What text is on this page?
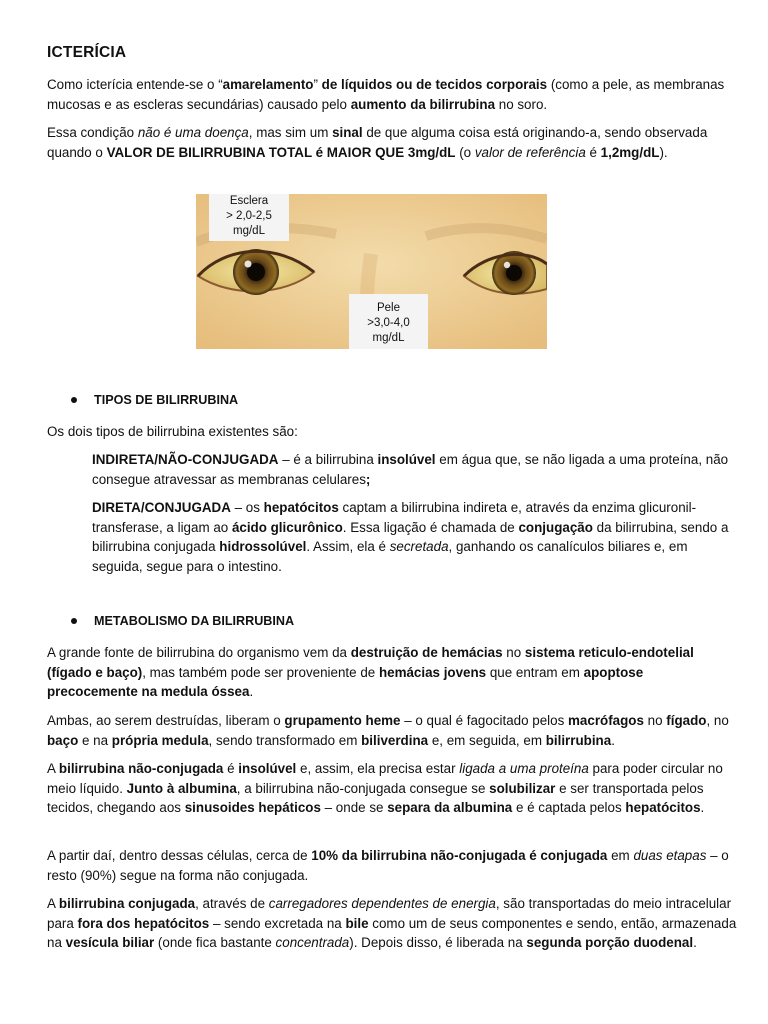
ICTERÍCIA

Como icterícia entende-se o “amarelamento” de líquidos ou de tecidos corporais (como a pele, as membranas mucosas e as escleras secundárias) causado pelo aumento da bilirrubina no soro.

Essa condição não é uma doença, mas sim um sinal de que alguma coisa está originando-a, sendo observada quando o VALOR DE BILIRRUBINA TOTAL é MAIOR QUE 3mg/dL (o valor de referência é 1,2mg/dL).

Esclera
> 2,0-2,5
mg/dL
Pele
>3,0-4,0
mg/dL
TIPOS DE BILIRRUBINA

Os dois tipos de bilirrubina existentes são:

INDIRETA/NÃO-CONJUGADA – é a bilirrubina insolúvel em água que, se não ligada a uma proteína, não consegue atravessar as membranas celulares;

DIRETA/CONJUGADA – os hepatócitos captam a bilirrubina indireta e, através da enzima glicuronil-transferase, a ligam ao ácido glicurônico. Essa ligação é chamada de conjugação da bilirrubina, sendo a bilirrubina conjugada hidrossolúvel. Assim, ela é secretada, ganhando os canalículos biliares e, em seguida, segue para o intestino.

METABOLISMO DA BILIRRUBINA

A grande fonte de bilirrubina do organismo vem da destruição de hemácias no sistema reticulo-endotelial (fígado e baço), mas também pode ser proveniente de hemácias jovens que entram em apoptose precocemente na medula óssea.

Ambas, ao serem destruídas, liberam o grupamento heme – o qual é fagocitado pelos macrófagos no fígado, no baço e na própria medula, sendo transformado em biliverdina e, em seguida, em bilirrubina.

A bilirrubina não-conjugada é insolúvel e, assim, ela precisa estar ligada a uma proteína para poder circular no meio líquido. Junto à albumina, a bilirrubina não-conjugada consegue se solubilizar e ser transportada pelos tecidos, chegando aos sinusoides hepáticos – onde se separa da albumina e é captada pelos hepatócitos.

A partir daí, dentro dessas células, cerca de 10% da bilirrubina não-conjugada é conjugada em duas etapas – o resto (90%) segue na forma não conjugada.

A bilirrubina conjugada, através de carregadores dependentes de energia, são transportadas do meio intracelular para fora dos hepatócitos – sendo excretada na bile como um de seus componentes e sendo, então, armazenada na vesícula biliar (onde fica bastante concentrada). Depois disso, é liberada na segunda porção duodenal.
